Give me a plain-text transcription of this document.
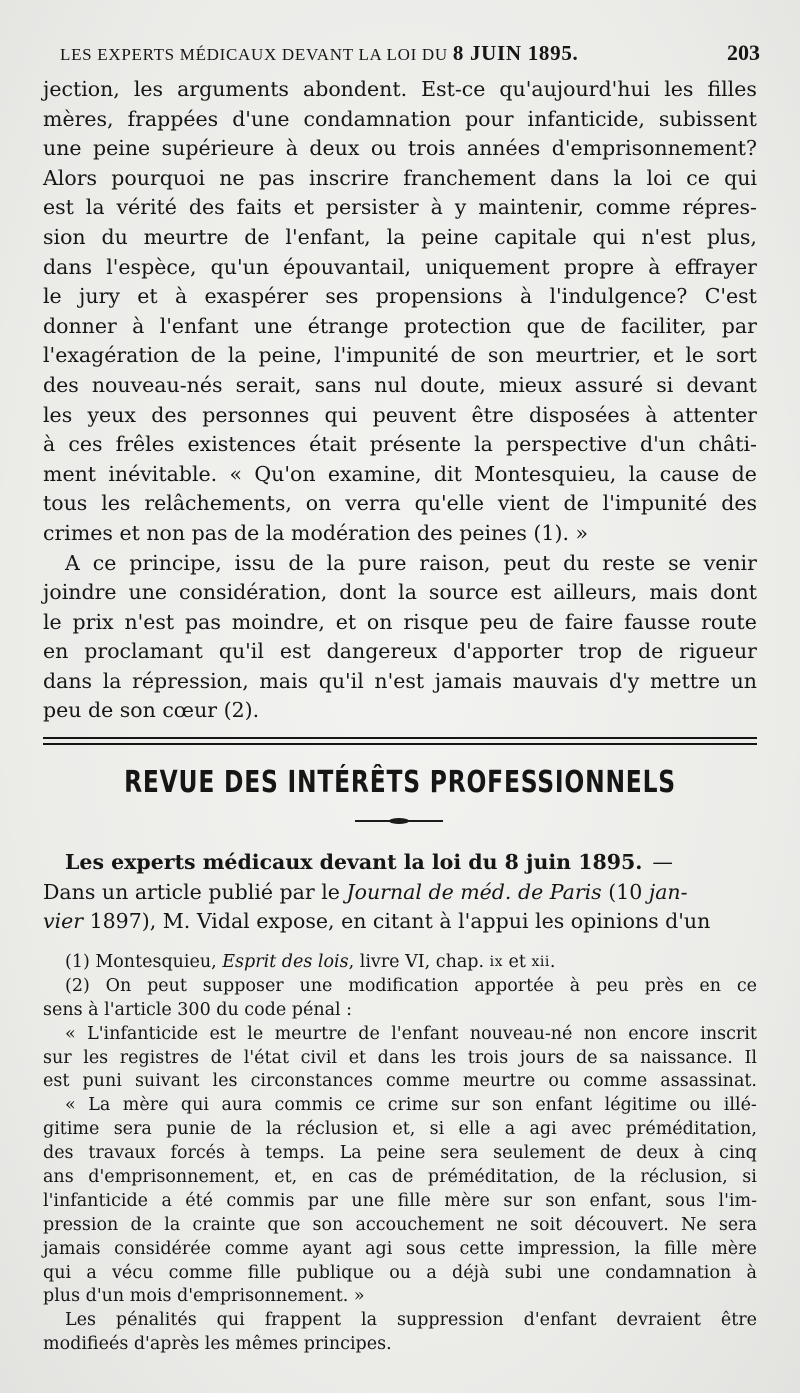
LES EXPERTS MÉDICAUX DEVANT LA LOI DU 8 JUIN 1895.	203
jection, les arguments abondent. Est-ce qu'aujourd'hui les filles
mères, frappées d'une condamnation pour infanticide, subissent
une peine supérieure à deux ou trois années d'emprisonnement?
Alors pourquoi ne pas inscrire franchement dans la loi ce qui
est la vérité des faits et persister à y maintenir, comme répres-
sion du meurtre de l'enfant, la peine capitale qui n'est plus,
dans l'espèce, qu'un épouvantail, uniquement propre à effrayer
le jury et à exaspérer ses propensions à l'indulgence? C'est
donner à l'enfant une étrange protection que de faciliter, par
l'exagération de la peine, l'impunité de son meurtrier, et le sort
des nouveau-nés serait, sans nul doute, mieux assuré si devant
les yeux des personnes qui peuvent être disposées à attenter
à ces frêles existences était présente la perspective d'un châti-
ment inévitable. « Qu'on examine, dit Montesquieu, la cause de
tous les relâchements, on verra qu'elle vient de l'impunité des
crimes et non pas de la modération des peines (1). »
A ce principe, issu de la pure raison, peut du reste se venir
joindre une considération, dont la source est ailleurs, mais dont
le prix n'est pas moindre, et on risque peu de faire fausse route
en proclamant qu'il est dangereux d'apporter trop de rigueur
dans la répression, mais qu'il n'est jamais mauvais d'y mettre un
peu de son cœur (2).
REVUE DES INTÉRÊTS PROFESSIONNELS
Les experts médicaux devant la loi du 8 juin 1895. —
Dans un article publié par le Journal de méd. de Paris (10 jan-
vier 1897), M. Vidal expose, en citant à l'appui les opinions d'un
(1) Montesquieu, Esprit des lois , livre VI, chap. ix et xii .
(2) On peut supposer une modification apportée à peu près en ce
sens à l'article 300 du code pénal :
« L'infanticide est le meurtre de l'enfant nouveau-né non encore inscrit
sur les registres de l'état civil et dans les trois jours de sa naissance. Il
est puni suivant les circonstances comme meurtre ou comme assassinat.
« La mère qui aura commis ce crime sur son enfant légitime ou illé-
gitime sera punie de la réclusion et, si elle a agi avec préméditation,
des travaux forcés à temps. La peine sera seulement de deux à cinq
ans d'emprisonnement, et, en cas de préméditation, de la réclusion, si
l'infanticide a été commis par une fille mère sur son enfant, sous l'im-
pression de la crainte que son accouchement ne soit découvert. Ne sera
jamais considérée comme ayant agi sous cette impression, la fille mère
qui a vécu comme fille publique ou a déjà subi une condamnation à
plus d'un mois d'emprisonnement. »
Les pénalités qui frappent la suppression d'enfant devraient être
modifieés d'après les mêmes principes.
